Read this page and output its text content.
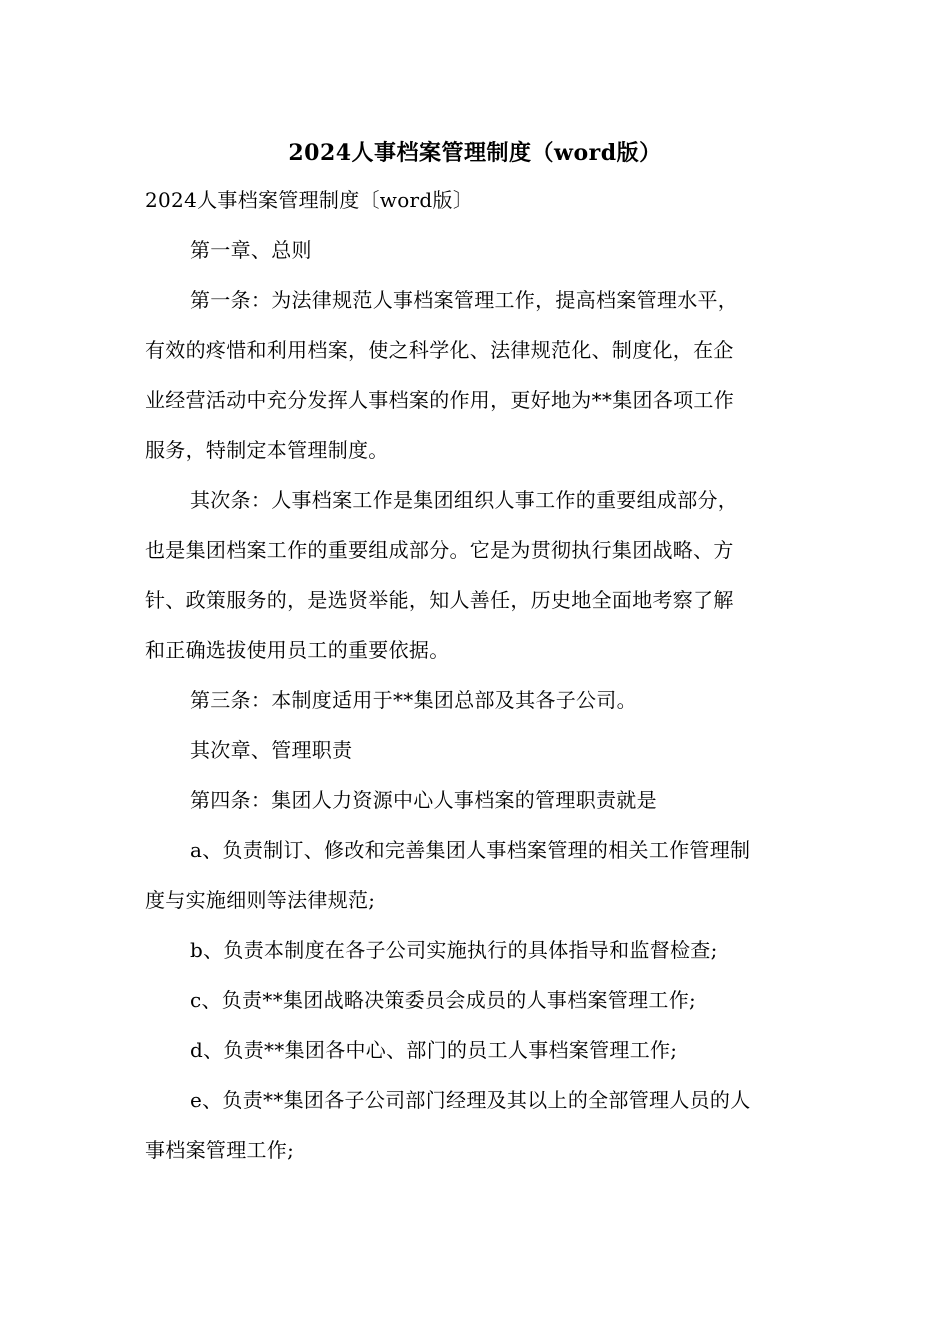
2024人事档案管理制度（word版）
2024人事档案管理制度〔word版〕
第一章、总则
第一条：为法律规范人事档案管理工作，提高档案管理水平，
有效的疼惜和利用档案，使之科学化、法律规范化、制度化，在企
业经营活动中充分发挥人事档案的作用，更好地为**集团各项工作
服务，特制定本管理制度。
其次条：人事档案工作是集团组织人事工作的重要组成部分，
也是集团档案工作的重要组成部分。它是为贯彻执行集团战略、方
针、政策服务的，是选贤举能，知人善任，历史地全面地考察了解
和正确选拔使用员工的重要依据。
第三条：本制度适用于**集团总部及其各子公司。
其次章、管理职责
第四条：集团人力资源中心人事档案的管理职责就是
a、负责制订、修改和完善集团人事档案管理的相关工作管理制
度与实施细则等法律规范;
b、负责本制度在各子公司实施执行的具体指导和监督检查;
c、负责**集团战略决策委员会成员的人事档案管理工作;
d、负责**集团各中心、部门的员工人事档案管理工作;
e、负责**集团各子公司部门经理及其以上的全部管理人员的人
事档案管理工作;
